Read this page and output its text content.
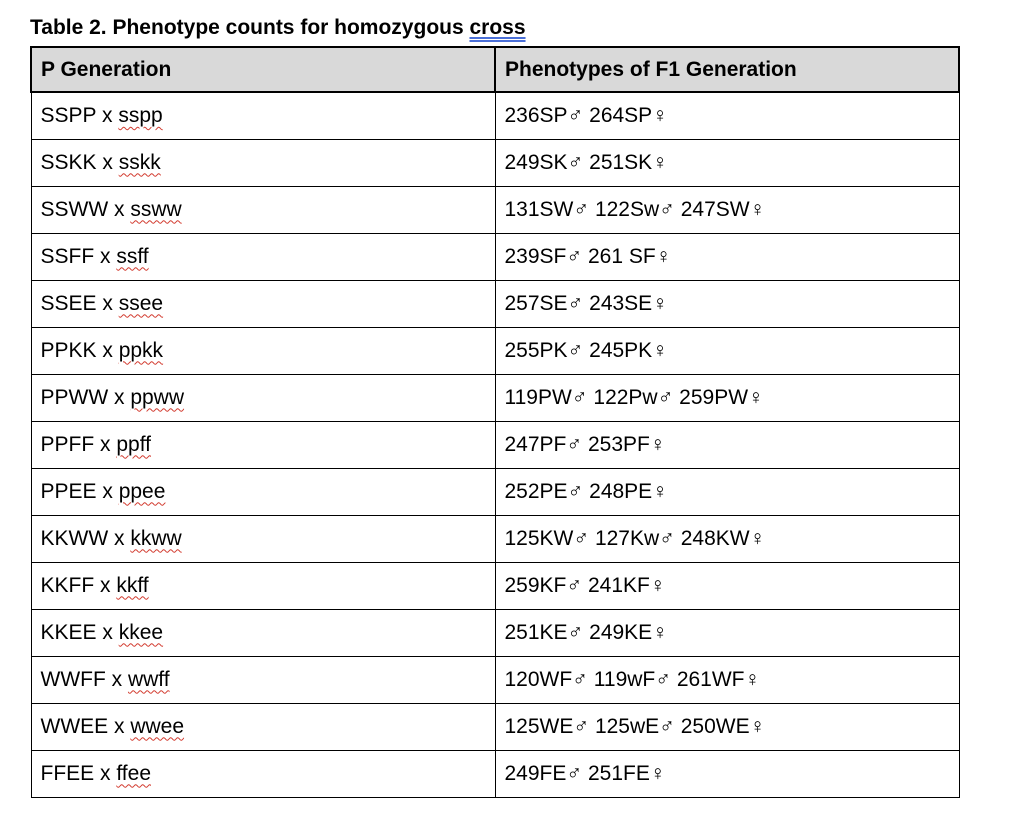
Table 2. Phenotype counts for homozygous cross
P Generation	Phenotypes of F1 Generation
SSPP x sspp	236SP♂ 264SP♀
SSKK x sskk	249SK♂ 251SK♀
SSWW x ssww	131SW♂ 122Sw♂ 247SW♀
SSFF x ssff	239SF♂ 261 SF♀
SSEE x ssee	257SE♂ 243SE♀
PPKK x ppkk	255PK♂ 245PK♀
PPWW x ppww	119PW♂ 122Pw♂ 259PW♀
PPFF x ppff	247PF♂ 253PF♀
PPEE x ppee	252PE♂ 248PE♀
KKWW x kkww	125KW♂ 127Kw♂ 248KW♀
KKFF x kkff	259KF♂ 241KF♀
KKEE x kkee	251KE♂ 249KE♀
WWFF x wwff	120WF♂ 119wF♂ 261WF♀
WWEE x wwee	125WE♂ 125wE♂ 250WE♀
FFEE x ffee	249FE♂ 251FE♀
